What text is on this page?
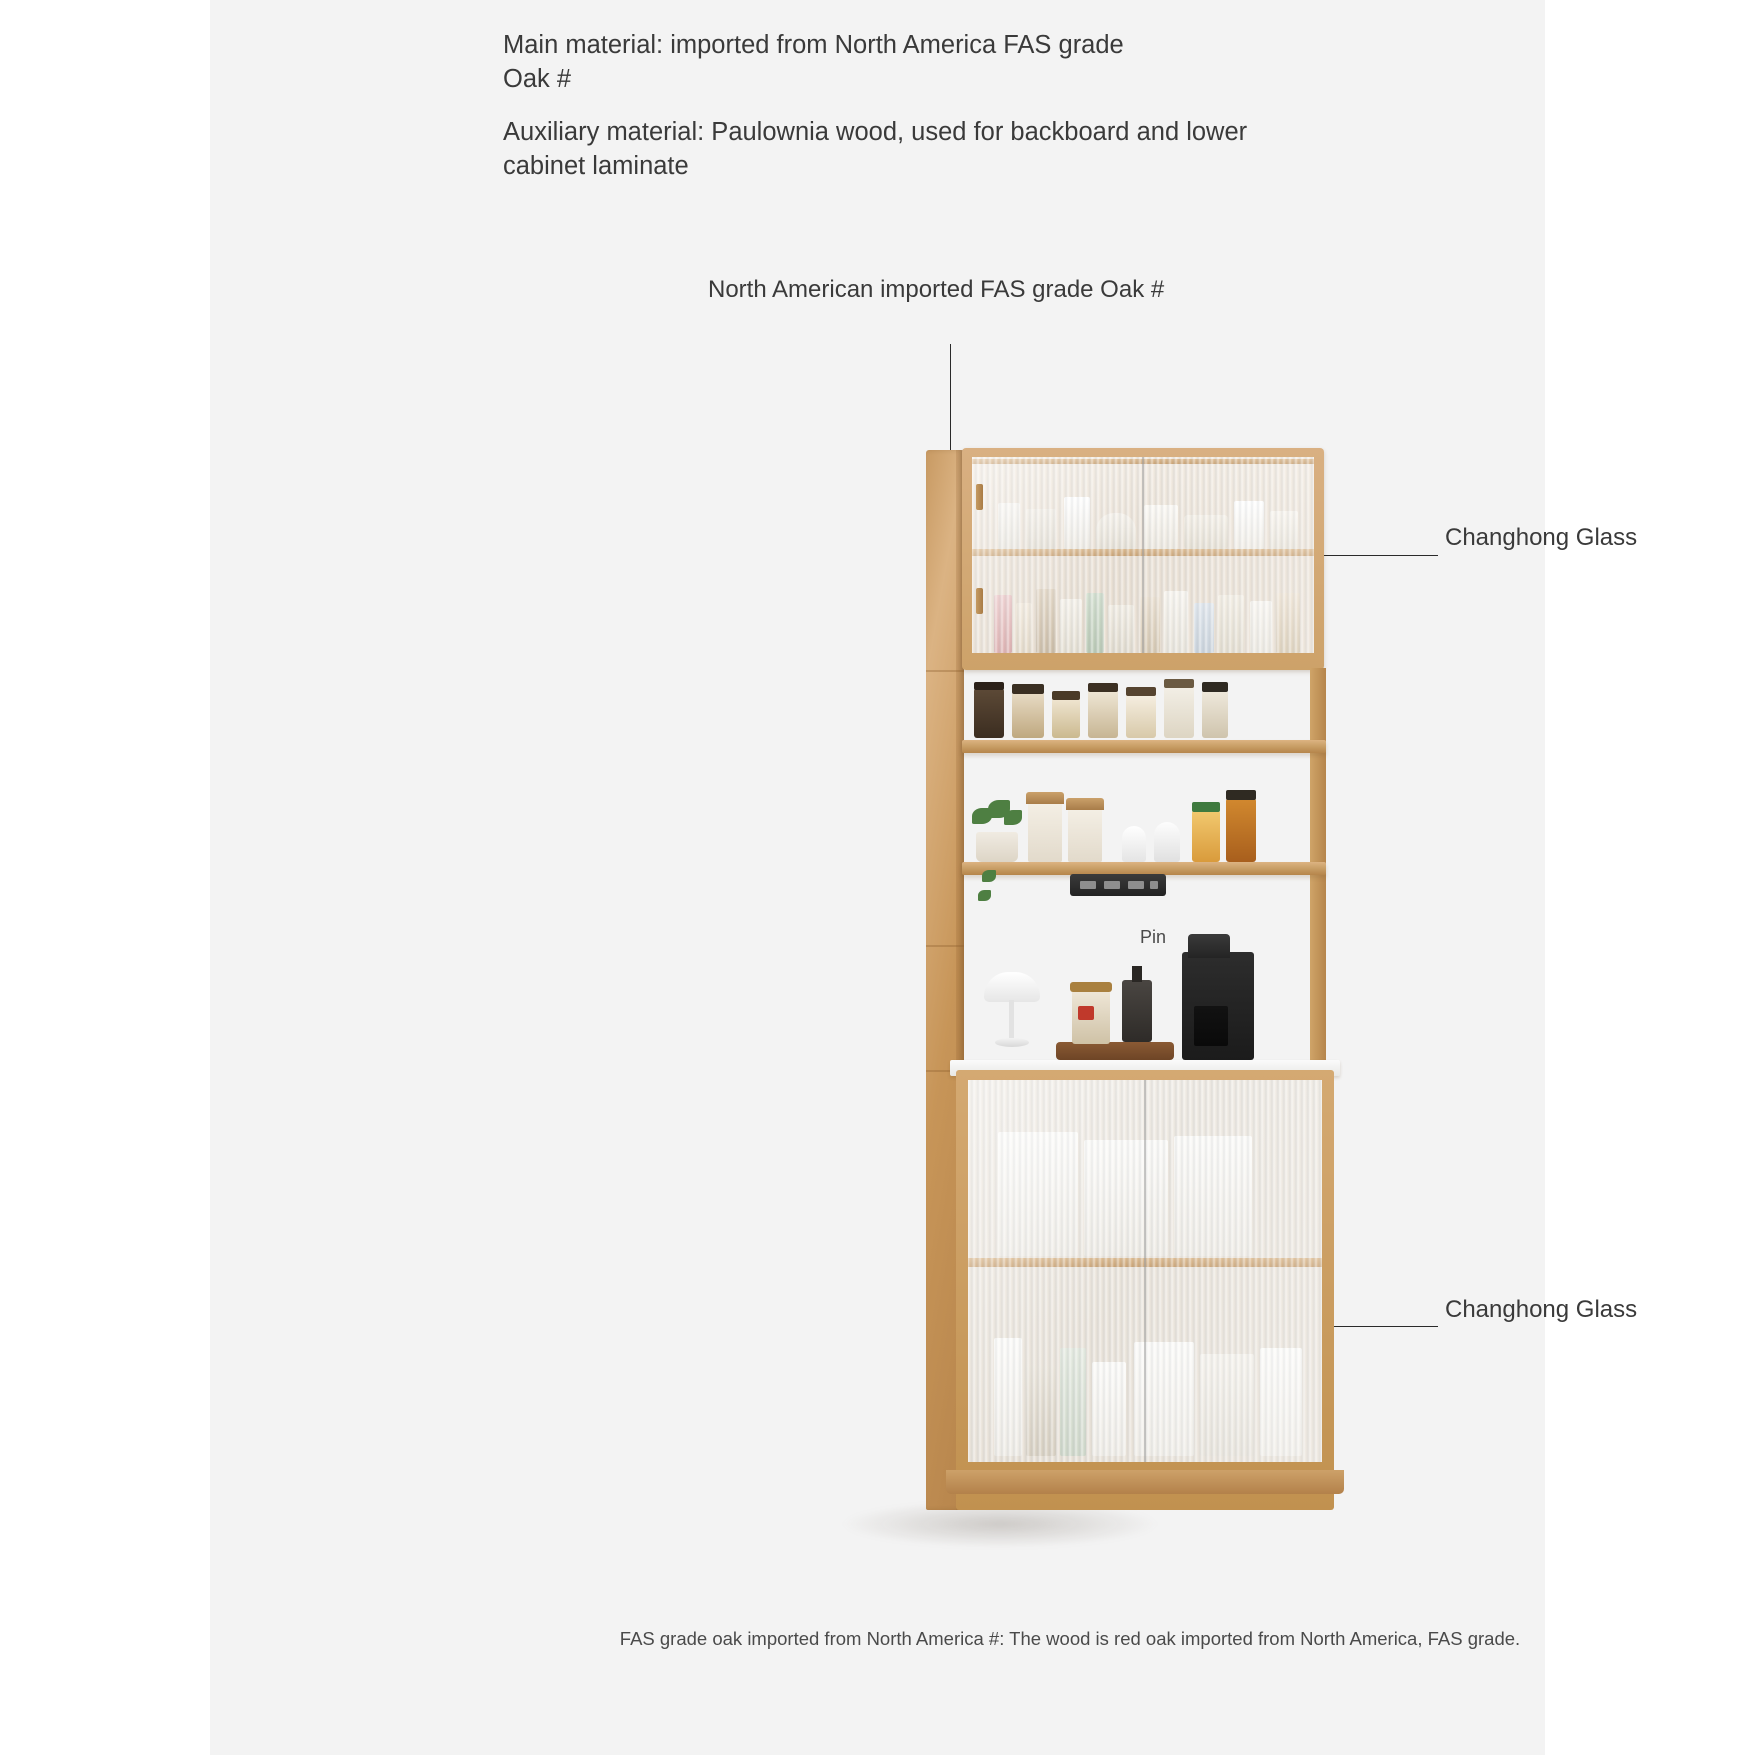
Main material: imported from North America FAS grade Oak #
Auxiliary material: Paulownia wood, used for backboard and lower cabinet laminate
North American imported FAS grade Oak #
Changhong Glass
Changhong Glass
Pin
FAS grade oak imported from North America #: The wood is red oak imported from North America, FAS grade.
